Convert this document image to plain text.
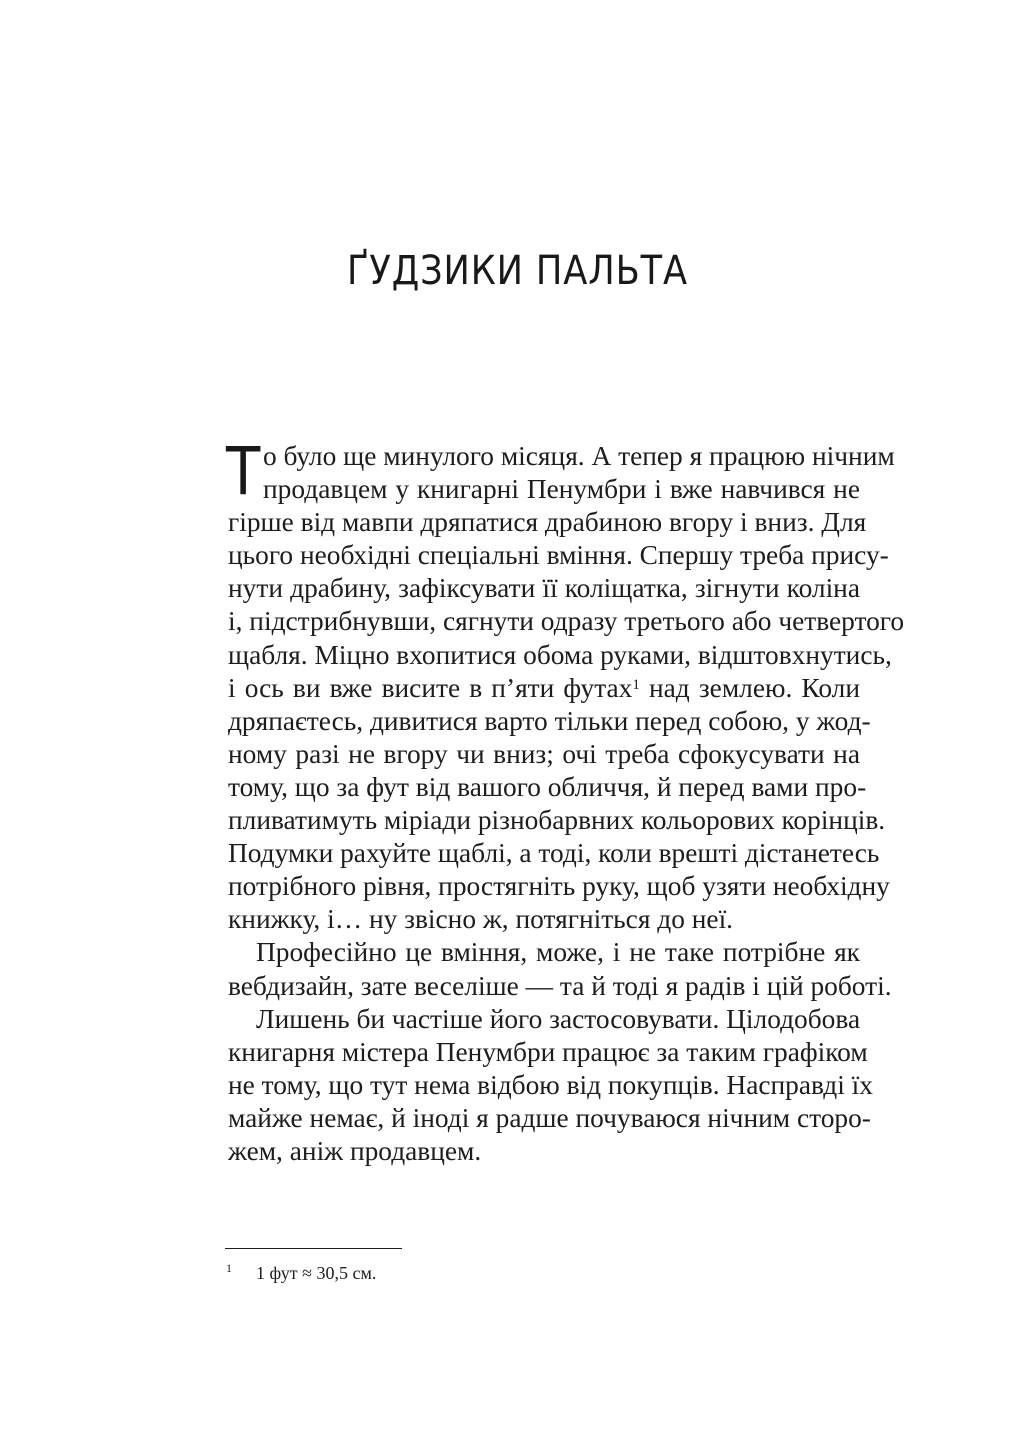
ҐУДЗИКИ ПАЛЬТА
Т о було ще минулого місяця. А тепер я працюю нічним
продавцем у книгарні Пенумбри і вже навчився не
гірше від мавпи дряпатися драбиною вгору і вниз. Для
цього необхідні спеціальні вміння. Спершу треба прису-
нути драбину, зафіксувати її коліщатка, зігнути коліна
і, підстрибнувши, сягнути одразу третього або четвертого
щабля. Міцно вхопитися обома руками, відштовхнутись,
і ось ви вже висите в п’яти футах$^1$ над землею. Коли
дряпаєтесь, дивитися варто тільки перед собою, у жод-
ному разі не вгору чи вниз; очі треба сфокусувати на
тому, що за фут від вашого обличчя, й перед вами про-
пливатимуть міріади різнобарвних кольорових корінців.
Подумки рахуйте щаблі, а тоді, коли врешті дістанетесь
потрібного рівня, простягніть руку, щоб узяти необхідну
книжку, і… ну звісно ж, потягніться до неї.
Професійно це вміння, може, і не таке потрібне як
вебдизайн, зате веселіше — та й тоді я радів і цій роботі.
Лишень би частіше його застосовувати. Цілодобова
книгарня містера Пенумбри працює за таким графіком
не тому, що тут нема відбою від покупців. Насправді їх
майже немає, й іноді я радше почуваюся нічним сторо-
жем, аніж продавцем.
1 1 фут ≈ 30,5 см.
